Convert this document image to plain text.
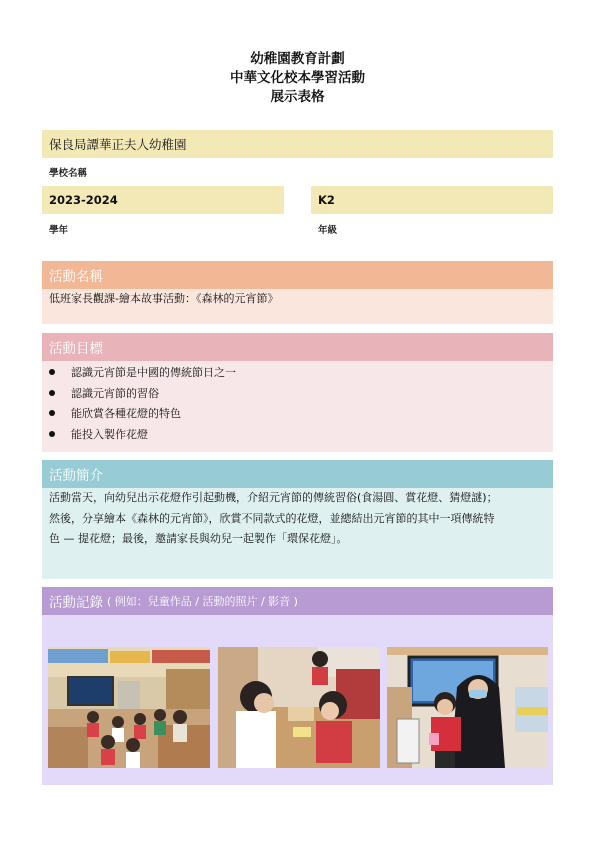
幼稚園教育計劃
中華文化校本學習活動
展示表格
保良局譚華正夫人幼稚園
學校名稱
2023-2024
學年
K2
年級
活動名稱
低班家長觀課-繪本故事活動：《森林的元宵節》
活動目標
認識元宵節是中國的傳統節日之一
認識元宵節的習俗
能欣賞各種花燈的特色
能投入製作花燈
活動簡介
活動當天，向幼兒出示花燈作引起動機，介紹元宵節的傳統習俗(食湯圓、賞花燈、猜燈謎)；
然後，分享繪本《森林的元宵節》，欣賞不同款式的花燈，並總結出元宵節的其中一項傳統特
色 — 提花燈；最後，邀請家長與幼兒一起製作「環保花燈」。
活動記錄 ( 例如：兒童作品 / 活動的照片 / 影音 )
